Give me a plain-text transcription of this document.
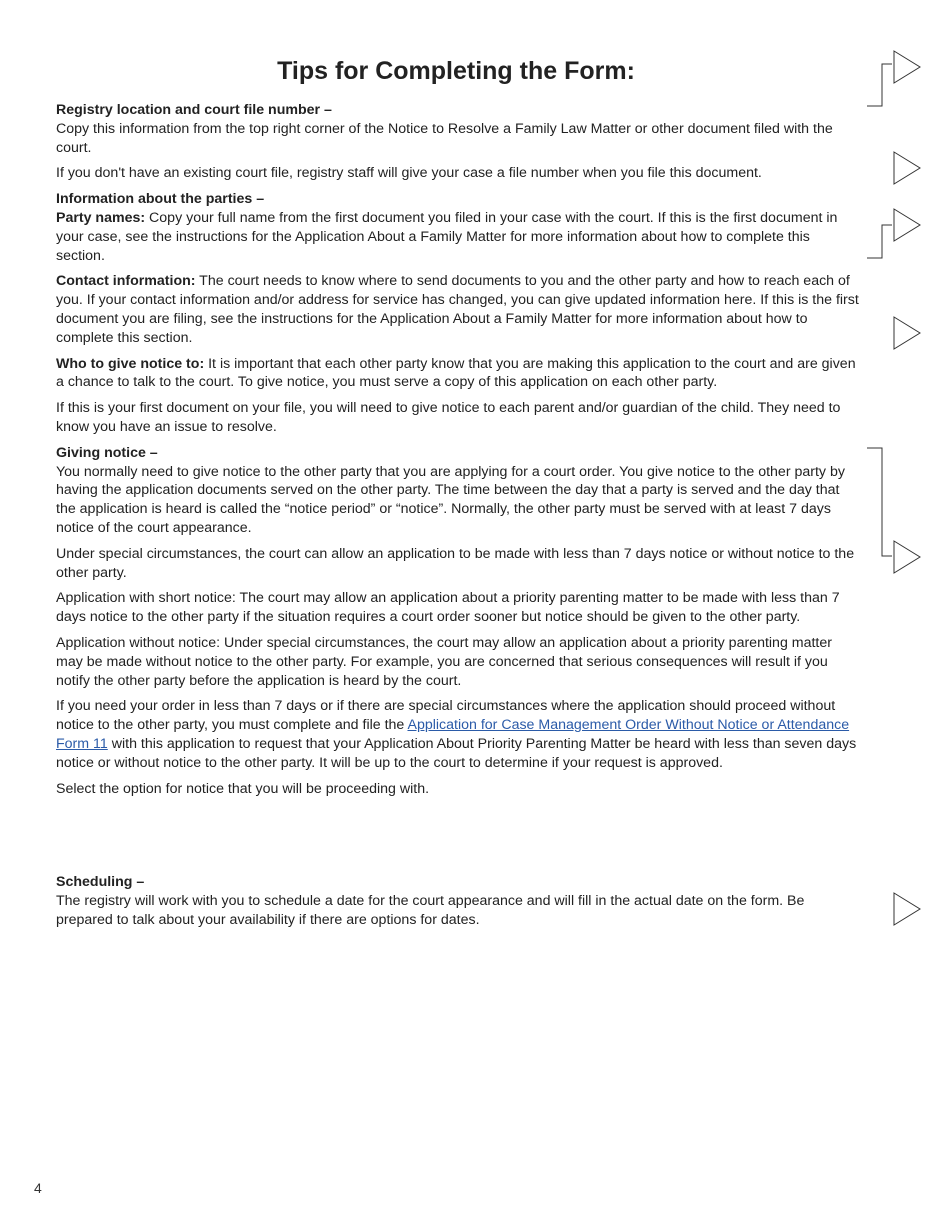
Tips for Completing the Form:

Registry location and court file number –

Copy this information from the top right corner of the Notice to Resolve a Family Law Matter or other document filed with the court.

If you don't have an existing court file, registry staff will give your case a file number when you file this document.

Information about the parties –

Party names: Copy your full name from the first document you filed in your case with the court. If this is the first document in your case, see the instructions for the Application About a Family Matter for more information about how to complete this section.

Contact information: The court needs to know where to send documents to you and the other party and how to reach each of you. If your contact information and/or address for service has changed, you can give updated information here. If this is the first document you are filing, see the instructions for the Application About a Family Matter for more information about how to complete this section.

Who to give notice to: It is important that each other party know that you are making this application to the court and are given a chance to talk to the court. To give notice, you must serve a copy of this application on each other party.

If this is your first document on your file, you will need to give notice to each parent and/or guardian of the child. They need to know you have an issue to resolve.

Giving notice –

You normally need to give notice to the other party that you are applying for a court order. You give notice to the other party by having the application documents served on the other party. The time between the day that a party is served and the day that the application is heard is called the “notice period” or “notice”. Normally, the other party must be served with at least 7 days notice of the court appearance.

Under special circumstances, the court can allow an application to be made with less than 7 days notice or without notice to the other party.

Application with short notice: The court may allow an application about a priority parenting matter to be made with less than 7 days notice to the other party if the situation requires a court order sooner but notice should be given to the other party.

Application without notice: Under special circumstances, the court may allow an application about a priority parenting matter may be made without notice to the other party. For example, you are concerned that serious consequences will result if you notify the other party before the application is heard by the court.

If you need your order in less than 7 days or if there are special circumstances where the application should proceed without notice to the other party, you must complete and file the Application for Case Management Order Without Notice or Attendance Form 11 with this application to request that your Application About Priority Parenting Matter be heard with less than seven days notice or without notice to the other party. It will be up to the court to determine if your request is approved.

Select the option for notice that you will be proceeding with.

Scheduling –

The registry will work with you to schedule a date for the court appearance and will fill in the actual date on the form. Be prepared to talk about your availability if there are options for dates.

4
